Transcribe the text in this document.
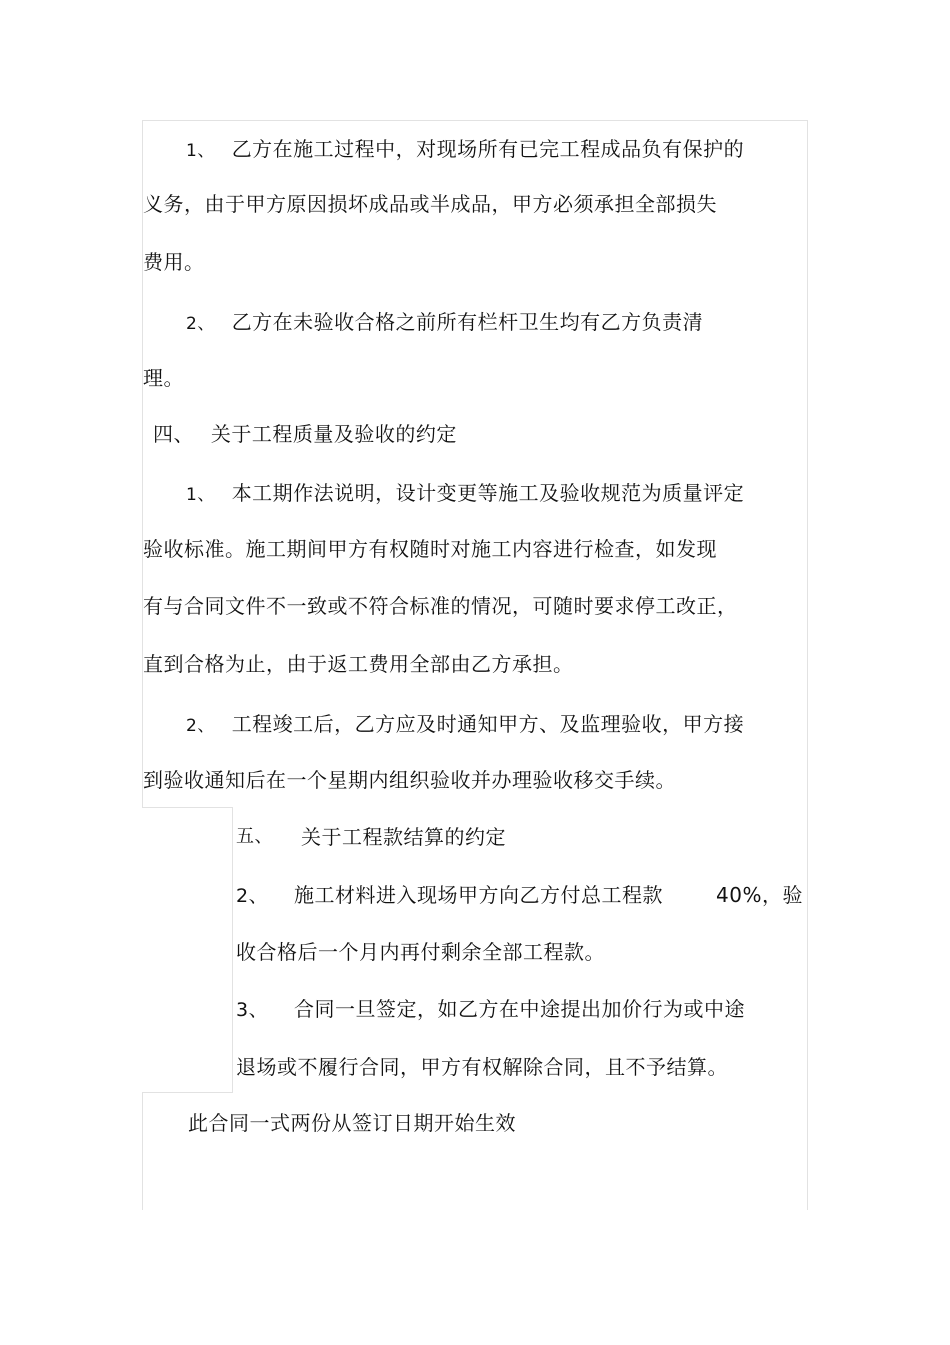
1、 乙方在施工过程中，对现场所有已完工程成品负有保护的
义务，由于甲方原因损坏成品或半成品，甲方必须承担全部损失
费用。
2、 乙方在未验收合格之前所有栏杆卫生均有乙方负责清
理。
四、 关于工程质量及验收的约定
1、 本工期作法说明，设计变更等施工及验收规范为质量评定
验收标准。施工期间甲方有权随时对施工内容进行检查，如发现
有与合同文件不一致或不符合标准的情况，可随时要求停工改正，
直到合格为止，由于返工费用全部由乙方承担。
2、 工程竣工后，乙方应及时通知甲方、及监理验收，甲方接
到验收通知后在一个星期内组织验收并办理验收移交手续。
五、 关于工程款结算的约定
2、 施工材料进入现场甲方向乙方付总工程款	40%，验
收合格后一个月内再付剩余全部工程款。
3、 合同一旦签定，如乙方在中途提出加价行为或中途
退场或不履行合同，甲方有权解除合同，且不予结算。
此合同一式两份从签订日期开始生效
